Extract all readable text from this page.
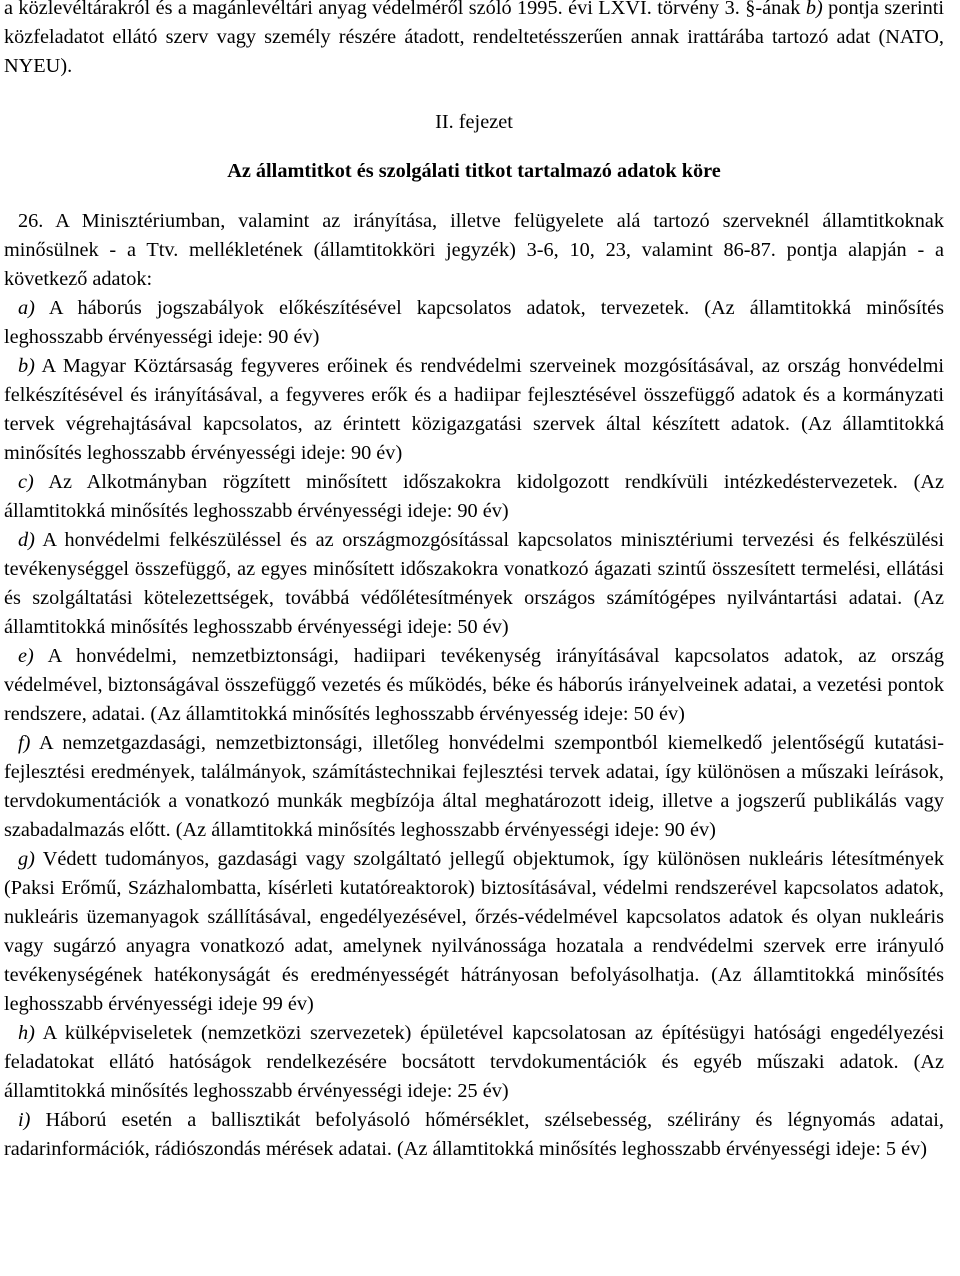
a közlevéltárakról és a magánlevéltári anyag védelméről szóló 1995. évi LXVI. törvény 3. §-ának b) pontja szerinti közfeladatot ellátó szerv vagy személy részére átadott, rendeltetésszerűen annak irattárába tartozó adat (NATO, NYEU).

II. fejezet

Az államtitkot és szolgálati titkot tartalmazó adatok köre

26. A Minisztériumban, valamint az irányítása, illetve felügyelete alá tartozó szerveknél államtitkoknak minősülnek - a Ttv. mellékletének (államtitokköri jegyzék) 3-6, 10, 23, valamint 86-87. pontja alapján - a következő adatok:

a) A háborús jogszabályok előkészítésével kapcsolatos adatok, tervezetek. (Az államtitokká minősítés leghosszabb érvényességi ideje: 90 év)

b) A Magyar Köztársaság fegyveres erőinek és rendvédelmi szerveinek mozgósításával, az ország honvédelmi felkészítésével és irányításával, a fegyveres erők és a hadiipar fejlesztésével összefüggő adatok és a kormányzati tervek végrehajtásával kapcsolatos, az érintett közigazgatási szervek által készített adatok. (Az államtitokká minősítés leghosszabb érvényességi ideje: 90 év)

c) Az Alkotmányban rögzített minősített időszakokra kidolgozott rendkívüli intézkedéstervezetek. (Az államtitokká minősítés leghosszabb érvényességi ideje: 90 év)

d) A honvédelmi felkészüléssel és az országmozgósítással kapcsolatos minisztériumi tervezési és felkészülési tevékenységgel összefüggő, az egyes minősített időszakokra vonatkozó ágazati szintű összesített termelési, ellátási és szolgáltatási kötelezettségek, továbbá védőlétesítmények országos számítógépes nyilvántartási adatai. (Az államtitokká minősítés leghosszabb érvényességi ideje: 50 év)

e) A honvédelmi, nemzetbiztonsági, hadiipari tevékenység irányításával kapcsolatos adatok, az ország védelmével, biztonságával összefüggő vezetés és működés, béke és háborús irányelveinek adatai, a vezetési pontok rendszere, adatai. (Az államtitokká minősítés leghosszabb érvényesség ideje: 50 év)

f) A nemzetgazdasági, nemzetbiztonsági, illetőleg honvédelmi szempontból kiemelkedő jelentőségű kutatási-fejlesztési eredmények, találmányok, számítástechnikai fejlesztési tervek adatai, így különösen a műszaki leírások, tervdokumentációk a vonatkozó munkák megbízója által meghatározott ideig, illetve a jogszerű publikálás vagy szabadalmazás előtt. (Az államtitokká minősítés leghosszabb érvényességi ideje: 90 év)

g) Védett tudományos, gazdasági vagy szolgáltató jellegű objektumok, így különösen nukleáris létesítmények (Paksi Erőmű, Százhalombatta, kísérleti kutatóreaktorok) biztosításával, védelmi rendszerével kapcsolatos adatok, nukleáris üzemanyagok szállításával, engedélyezésével, őrzés-védelmével kapcsolatos adatok és olyan nukleáris vagy sugárzó anyagra vonatkozó adat, amelynek nyilvánossága hozatala a rendvédelmi szervek erre irányuló tevékenységének hatékonyságát és eredményességét hátrányosan befolyásolhatja. (Az államtitokká minősítés leghosszabb érvényességi ideje 99 év)

h) A külképviseletek (nemzetközi szervezetek) épületével kapcsolatosan az építésügyi hatósági engedélyezési feladatokat ellátó hatóságok rendelkezésére bocsátott tervdokumentációk és egyéb műszaki adatok. (Az államtitokká minősítés leghosszabb érvényességi ideje: 25 év)

i) Háború esetén a ballisztikát befolyásoló hőmérséklet, szélsebesség, szélirány és légnyomás adatai, radarinformációk, rádiószondás mérések adatai. (Az államtitokká minősítés leghosszabb érvényességi ideje: 5 év)
